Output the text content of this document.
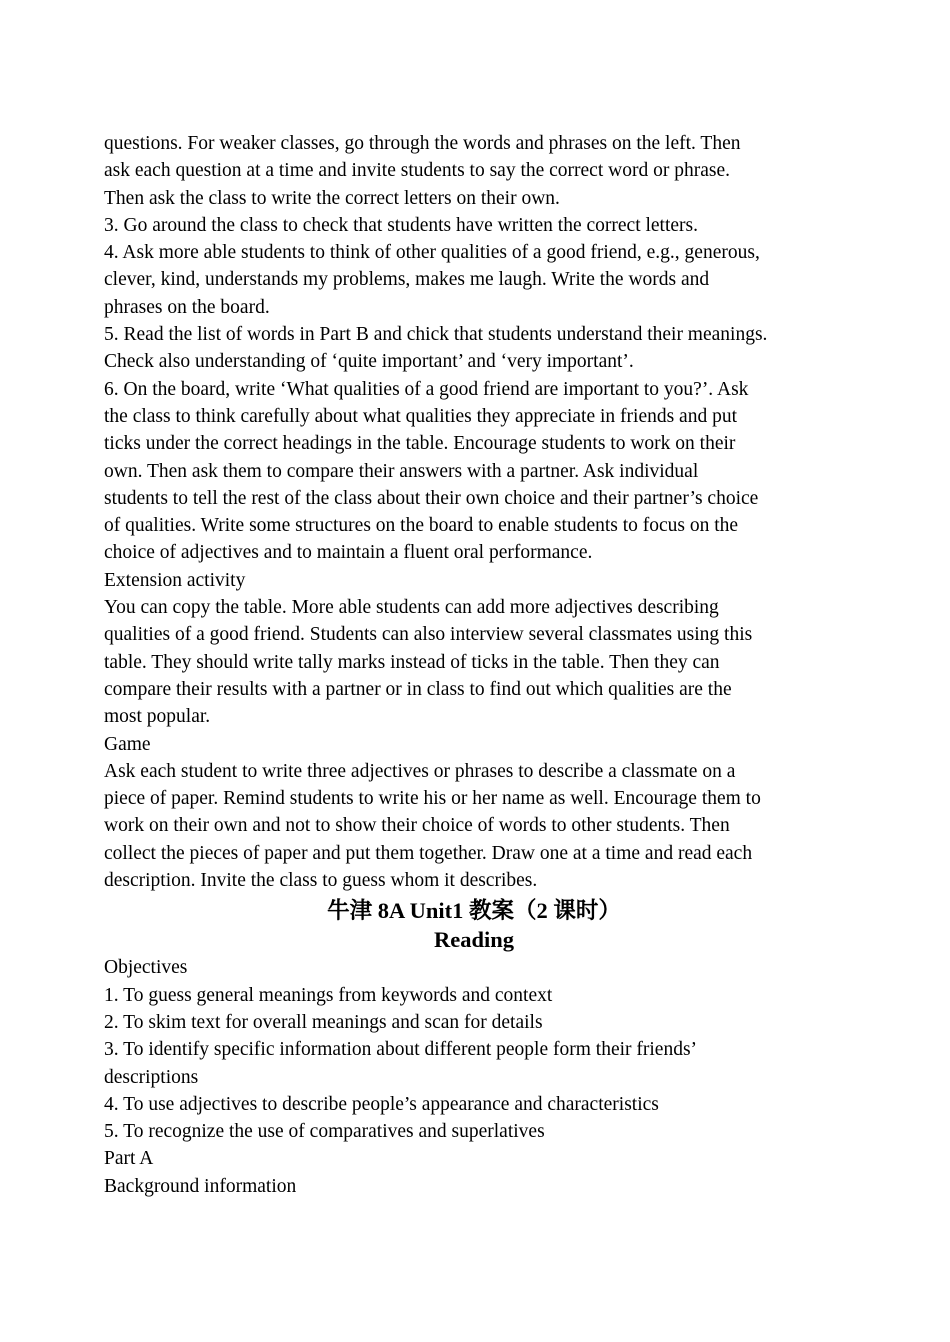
questions. For weaker classes, go through the words and phrases on the left. Then
ask each question at a time and invite students to say the correct word or phrase.
Then ask the class to write the correct letters on their own.
3. Go around the class to check that students have written the correct letters.
4. Ask more able students to think of other qualities of a good friend, e.g., generous,
clever, kind, understands my problems, makes me laugh. Write the words and
phrases on the board.
5. Read the list of words in Part B and chick that students understand their meanings.
Check also understanding of ‘quite important’ and ‘very important’.
6. On the board, write ‘What qualities of a good friend are important to you?’. Ask
the class to think carefully about what qualities they appreciate in friends and put
ticks under the correct headings in the table. Encourage students to work on their
own. Then ask them to compare their answers with a partner. Ask individual
students to tell the rest of the class about their own choice and their partner’s choice
of qualities. Write some structures on the board to enable students to focus on the
choice of adjectives and to maintain a fluent oral performance.
Extension activity
You can copy the table. More able students can add more adjectives describing
qualities of a good friend. Students can also interview several classmates using this
table. They should write tally marks instead of ticks in the table. Then they can
compare their results with a partner or in class to find out which qualities are the
most popular.
Game
Ask each student to write three adjectives or phrases to describe a classmate on a
piece of paper. Remind students to write his or her name as well. Encourage them to
work on their own and not to show their choice of words to other students. Then
collect the pieces of paper and put them together. Draw one at a time and read each
description. Invite the class to guess whom it describes.
牛津 8A Unit1 教案（2 课时）
Reading
Objectives
1. To guess general meanings from keywords and context
2. To skim text for overall meanings and scan for details
3. To identify specific information about different people form their friends’
descriptions
4. To use adjectives to describe people’s appearance and characteristics
5. To recognize the use of comparatives and superlatives
Part A
Background information
